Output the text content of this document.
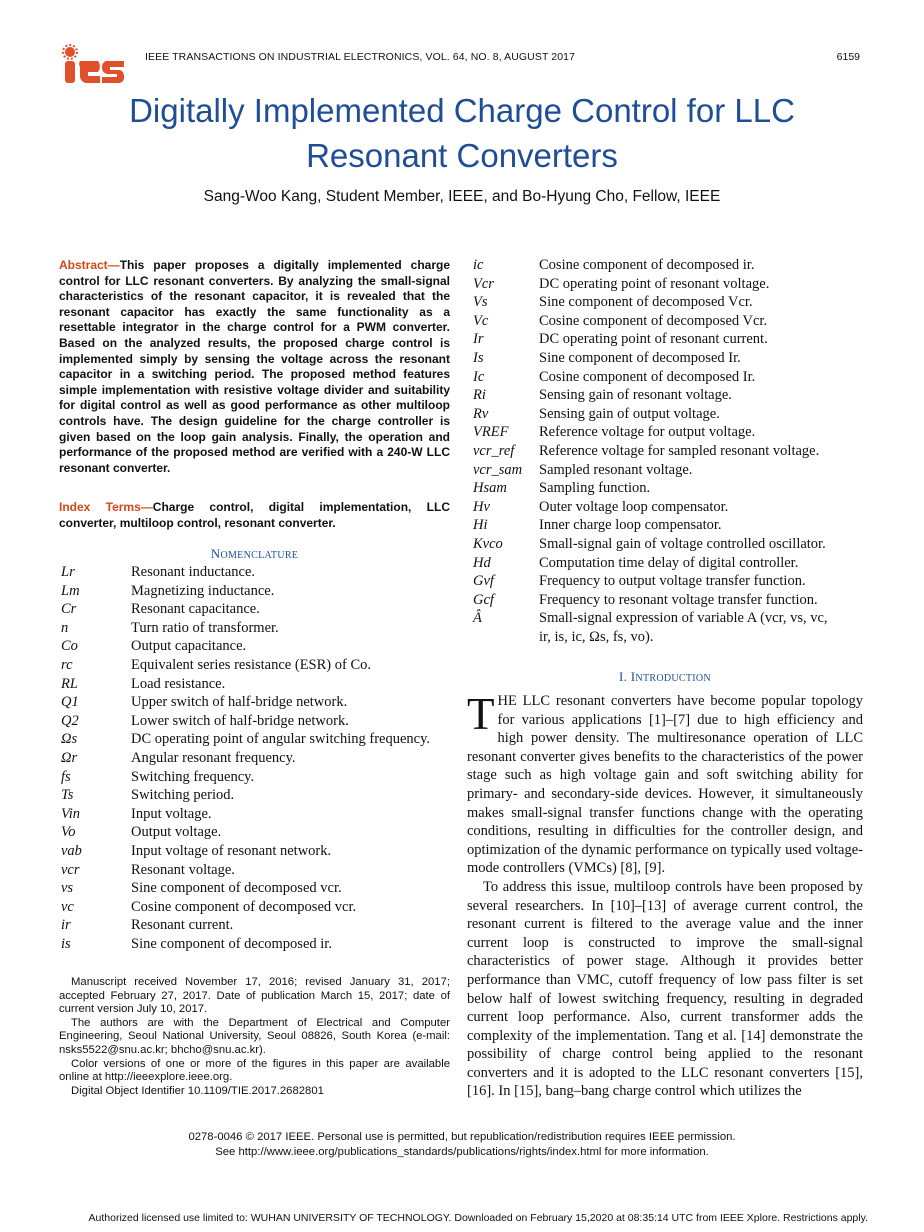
IEEE TRANSACTIONS ON INDUSTRIAL ELECTRONICS, VOL. 64, NO. 8, AUGUST 2017	6159
Digitally Implemented Charge Control for LLC
Resonant Converters
Sang-Woo Kang, Student Member, IEEE, and Bo-Hyung Cho, Fellow, IEEE
Abstract—This paper proposes a digitally implemented charge control for LLC resonant converters. By analyzing the small-signal characteristics of the resonant capacitor, it is revealed that the resonant capacitor has exactly the same functionality as a resettable integrator in the charge control for a PWM converter. Based on the analyzed results, the proposed charge control is implemented simply by sensing the voltage across the resonant capacitor in a switching period. The proposed method features simple implementation with resistive voltage divider and suitability for digital control as well as good performance as other multiloop controls have. The design guideline for the charge controller is given based on the loop gain analysis. Finally, the operation and performance of the proposed method are verified with a 240-W LLC resonant converter.
Index Terms—Charge control, digital implementation, LLC converter, multiloop control, resonant converter.
NOMENCLATURE
Lr	Resonant inductance.
Lm	Magnetizing inductance.
Cr	Resonant capacitance.
n	Turn ratio of transformer.
Co	Output capacitance.
rc	Equivalent series resistance (ESR) of Co.
RL	Load resistance.
Q1	Upper switch of half-bridge network.
Q2	Lower switch of half-bridge network.
Ωs	DC operating point of angular switching frequency.
Ωr	Angular resonant frequency.
fs	Switching frequency.
Ts	Switching period.
Vin	Input voltage.
Vo	Output voltage.
vab	Input voltage of resonant network.
vcr	Resonant voltage.
vs	Sine component of decomposed vcr.
vc	Cosine component of decomposed vcr.
ir	Resonant current.
is	Sine component of decomposed ir.
ic	Cosine component of decomposed ir.
Vcr	DC operating point of resonant voltage.
Vs	Sine component of decomposed Vcr.
Vc	Cosine component of decomposed Vcr.
Ir	DC operating point of resonant current.
Is	Sine component of decomposed Ir.
Ic	Cosine component of decomposed Ir.
Ri	Sensing gain of resonant voltage.
Rv	Sensing gain of output voltage.
VREF	Reference voltage for output voltage.
vcr_ref	Reference voltage for sampled resonant voltage.
vcr_sam	Sampled resonant voltage.
Hsam	Sampling function.
Hv	Outer voltage loop compensator.
Hi	Inner charge loop compensator.
Kvco	Small-signal gain of voltage controlled oscillator.
Hd	Computation time delay of digital controller.
Gvf	Frequency to output voltage transfer function.
Gcf	Frequency to resonant voltage transfer function.
Â	Small-signal expression of variable A (vcr, vs, vc,
ir, is, ic, Ωs, fs, vo).

Manuscript received November 17, 2016; revised January 31, 2017; accepted February 27, 2017. Date of publication March 15, 2017; date of current version July 10, 2017.

The authors are with the Department of Electrical and Computer Engineering, Seoul National University, Seoul 08826, South Korea (e-mail: nsks5522@snu.ac.kr; bhcho@snu.ac.kr).

Color versions of one or more of the figures in this paper are available online at http://ieeexplore.ieee.org.

Digital Object Identifier 10.1109/TIE.2017.2682801

I. INTRODUCTION

THE LLC resonant converters have become popular topology for various applications [1]–[7] due to high efficiency and high power density. The multiresonance operation of LLC resonant converter gives benefits to the characteristics of the power stage such as high voltage gain and soft switching ability for primary- and secondary-side devices. However, it simultaneously makes small-signal transfer functions change with the operating conditions, resulting in difficulties for the controller design, and optimization of the dynamic performance on typically used voltage-mode controllers (VMCs) [8], [9].

To address this issue, multiloop controls have been proposed by several researchers. In [10]–[13] of average current control, the resonant current is filtered to the average value and the inner current loop is constructed to improve the small-signal characteristics of power stage. Although it provides better performance than VMC, cutoff frequency of low pass filter is set below half of lowest switching frequency, resulting in degraded current loop performance. Also, current transformer adds the complexity of the implementation. Tang et al. [14] demonstrate the possibility of charge control being applied to the resonant converters and it is adopted to the LLC resonant converters [15], [16]. In [15], bang–bang charge control which utilizes the

0278-0046 © 2017 IEEE. Personal use is permitted, but republication/redistribution requires IEEE permission.
See http://www.ieee.org/publications_standards/publications/rights/index.html for more information.
Authorized licensed use limited to: WUHAN UNIVERSITY OF TECHNOLOGY. Downloaded on February 15,2020 at 08:35:14 UTC from IEEE Xplore. Restrictions apply.
